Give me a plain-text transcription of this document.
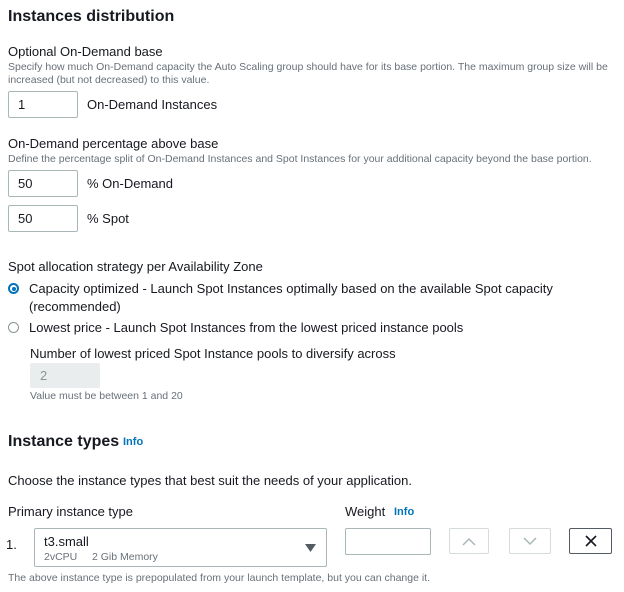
Instances distribution
Optional On-Demand base
Specify how much On-Demand capacity the Auto Scaling group should have for its base portion. The maximum group size will be increased (but not decreased) to this value.
1	On-Demand Instances
On-Demand percentage above base
Define the percentage split of On-Demand Instances and Spot Instances for your additional capacity beyond the base portion.
50	% On-Demand
50	% Spot
Spot allocation strategy per Availability Zone
Capacity optimized - Launch Spot Instances optimally based on the available Spot capacity
(recommended)
Lowest price - Launch Spot Instances from the lowest priced instance pools
Number of lowest priced Spot Instance pools to diversify across
2
Value must be between 1 and 20
Instance types Info
Choose the instance types that best suit the needs of your application.
Primary instance type	Weight Info
1. t3.small
2vCPU 2 Gib Memory
The above instance type is prepopulated from your launch template, but you can change it.
